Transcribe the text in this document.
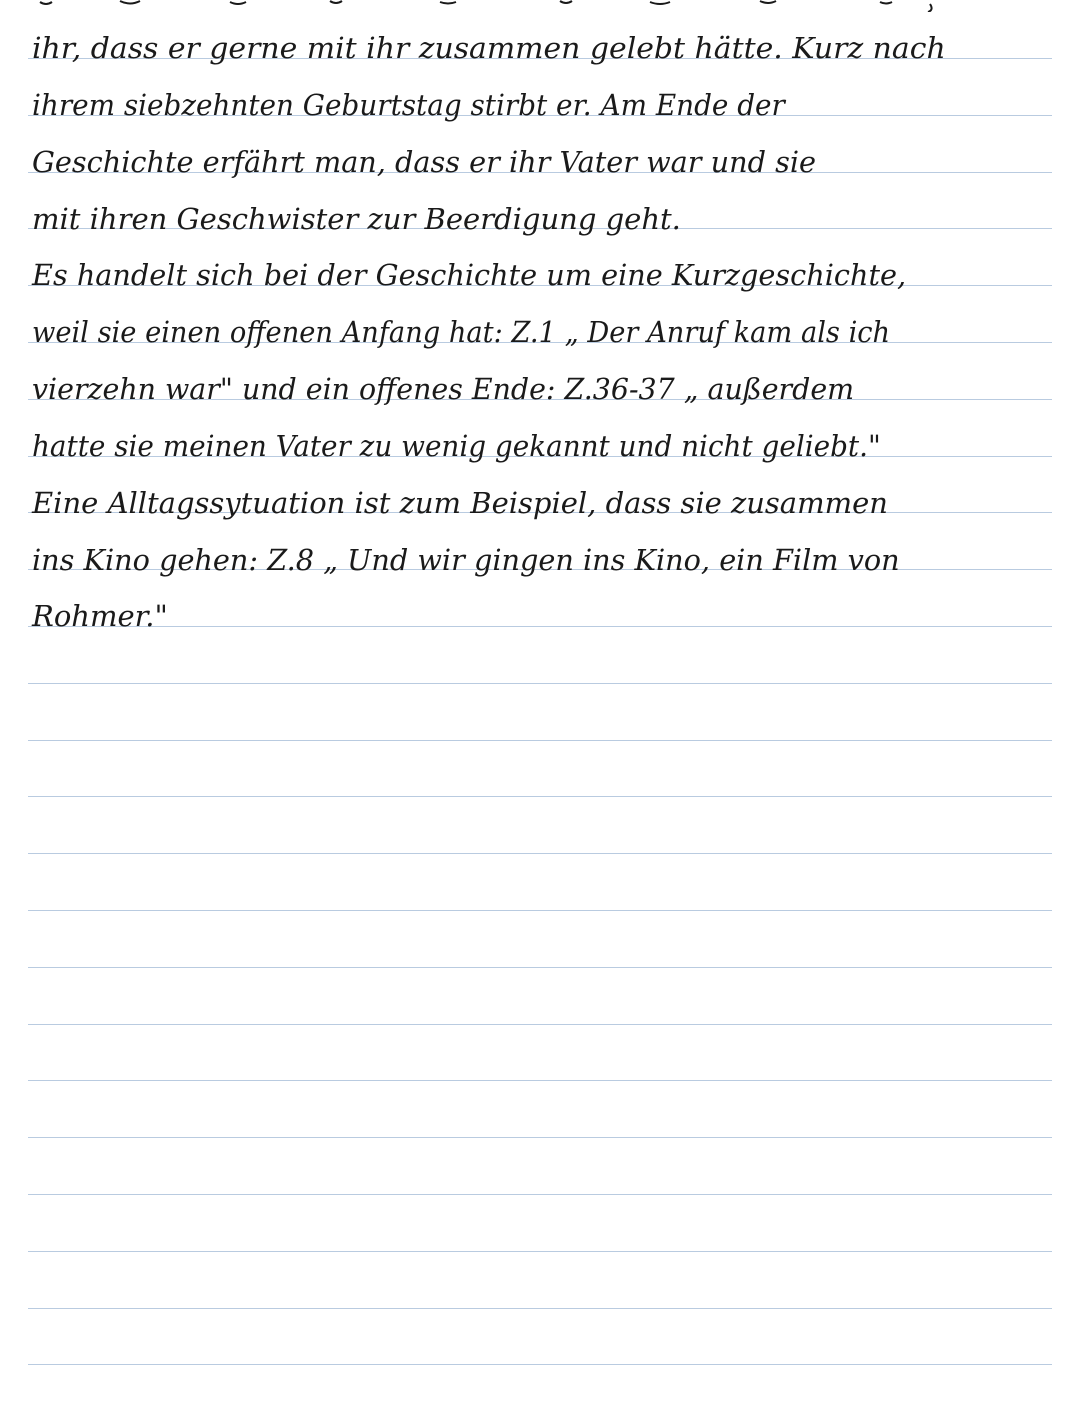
ihr, dass er gerne mit ihr zusammen gelebt hätte. Kurz nach
ihrem siebzehnten Geburtstag stirbt er. Am Ende der
Geschichte erfährt man, dass er ihr Vater war und sie
mit ihren Geschwister zur Beerdigung geht.
Es handelt sich bei der Geschichte um eine Kurzgeschichte,
weil sie einen offenen Anfang hat: Z.1 „ Der Anruf kam als ich
vierzehn war" und ein offenes Ende: Z.36-37 „ außerdem
hatte sie meinen Vater zu wenig gekannt und nicht geliebt."
Eine Alltagssytuation ist zum Beispiel, dass sie zusammen
ins Kino gehen: Z.8 „ Und wir gingen ins Kino, ein Film von
Rohmer."
